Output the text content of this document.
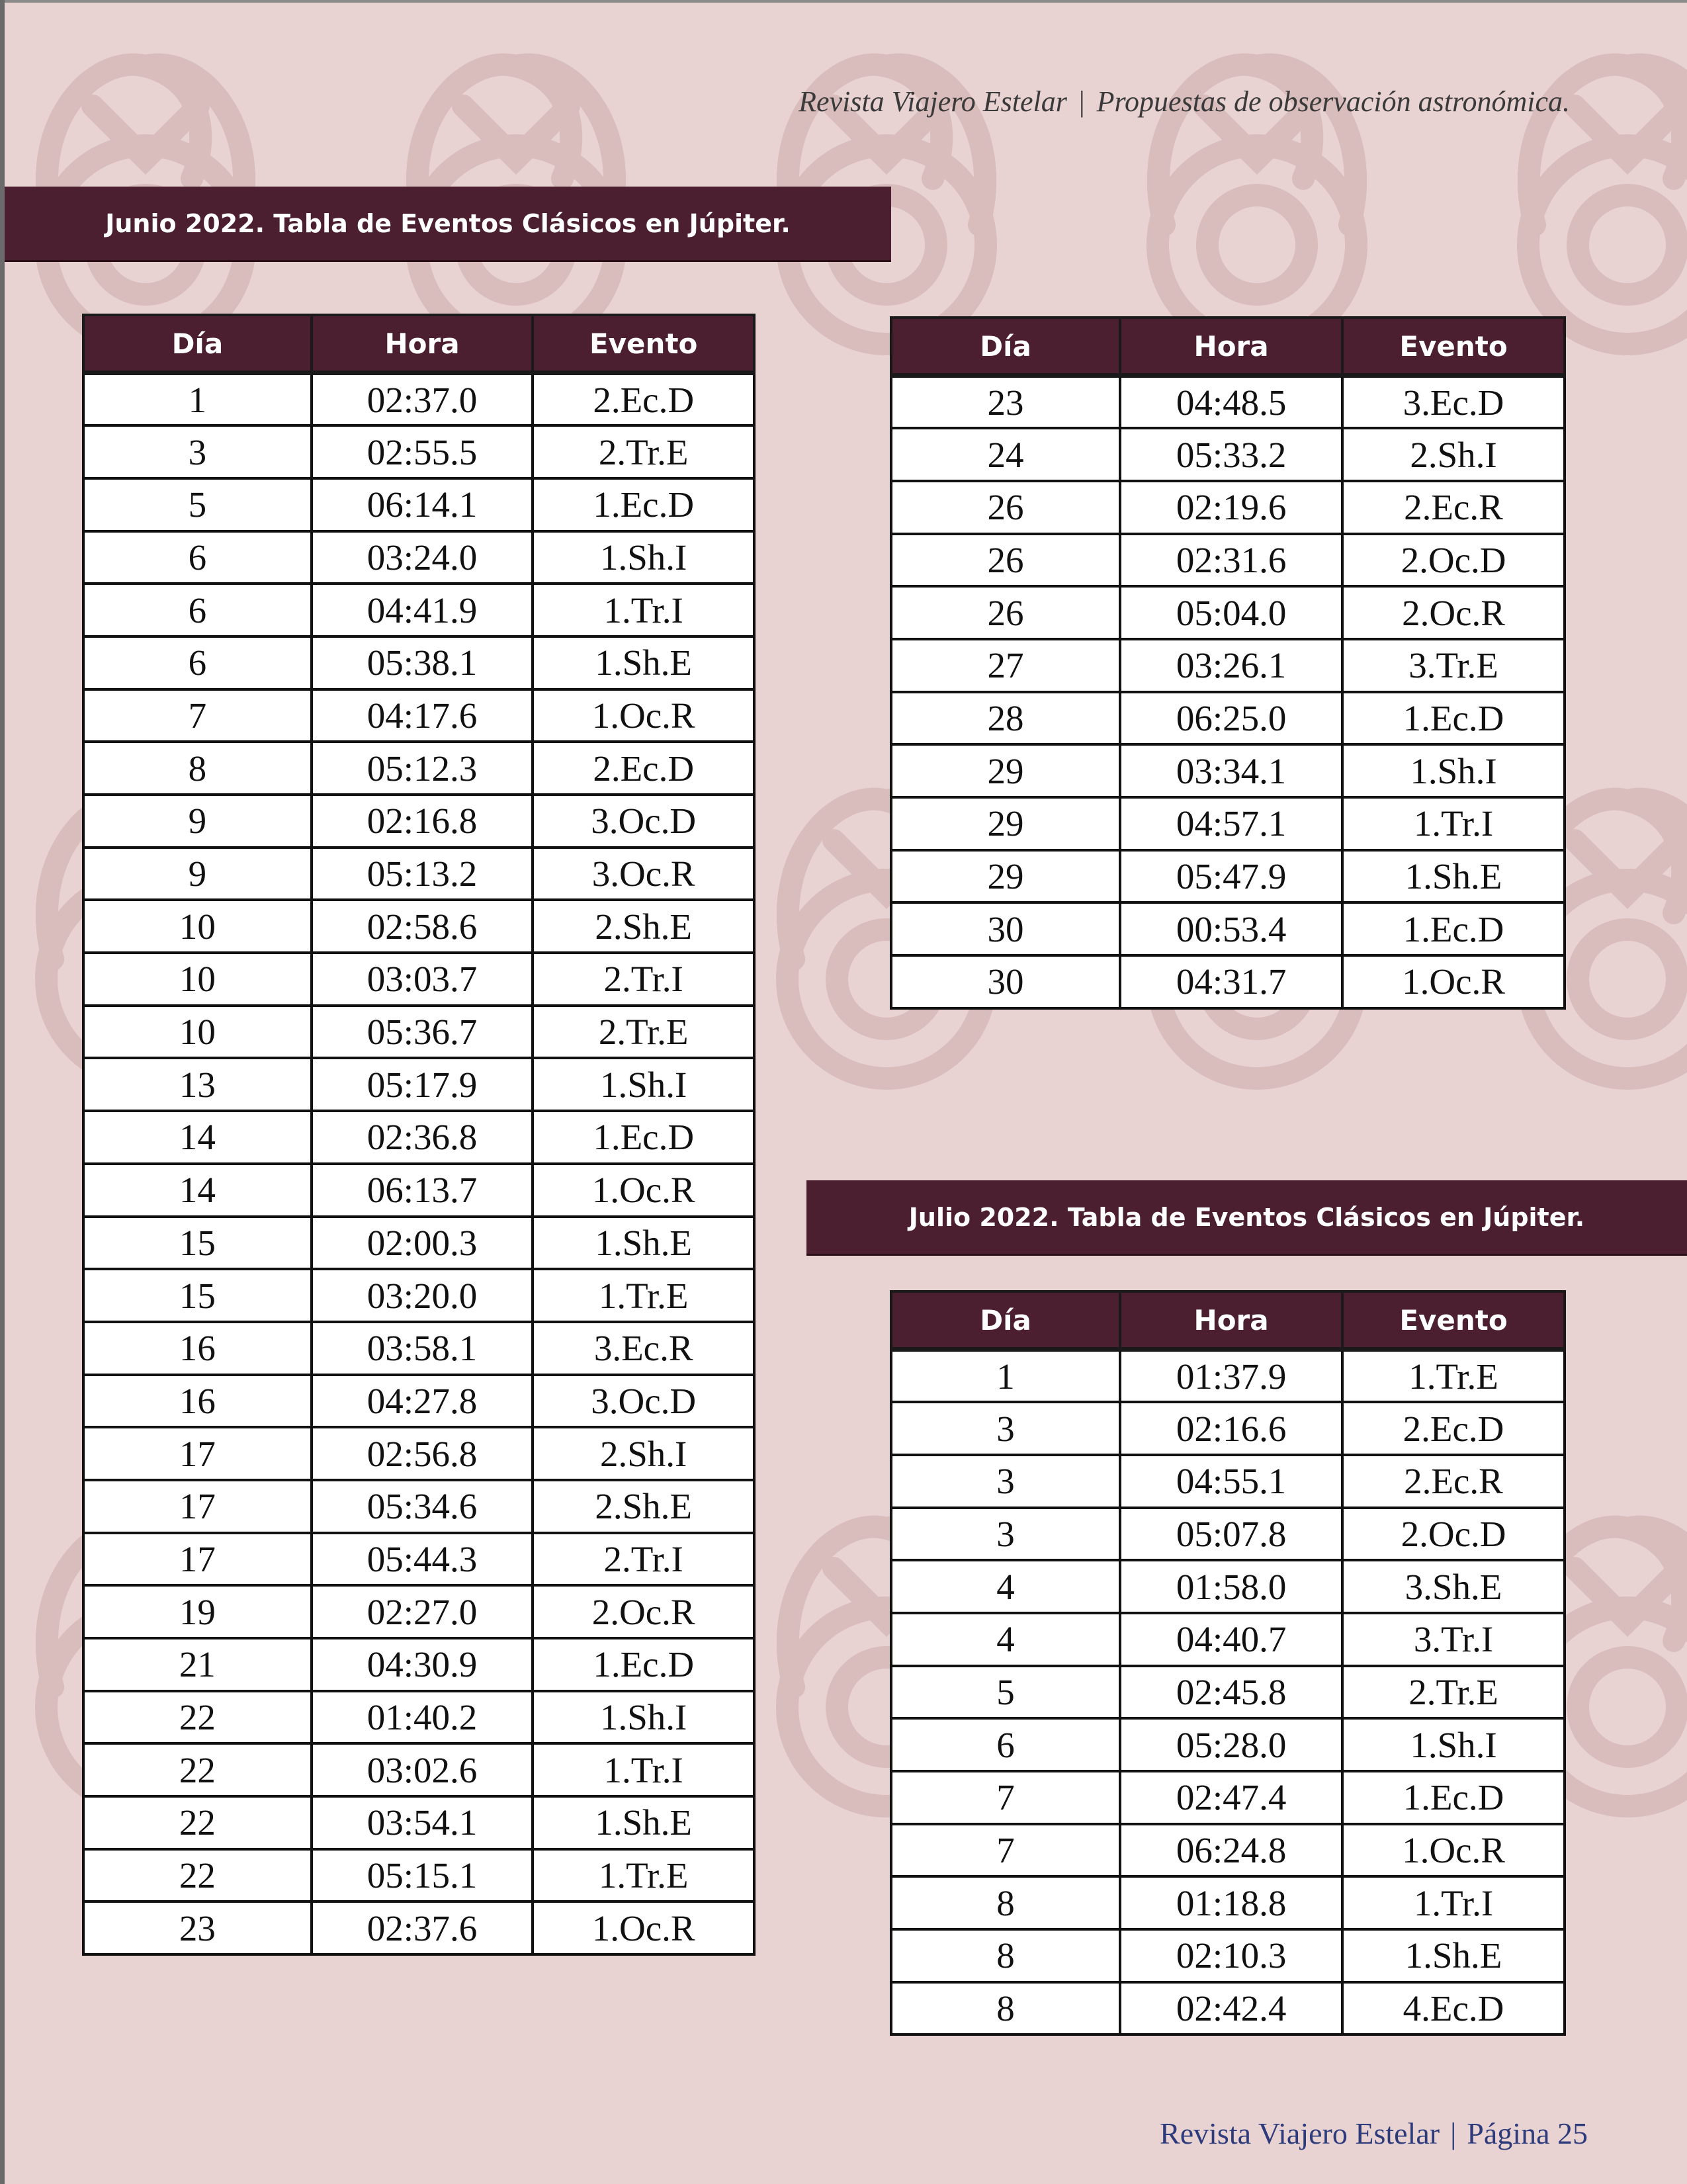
Revista Viajero Estelar | Propuestas de observación astronómica.
Junio 2022. Tabla de Eventos Clásicos en Júpiter.
Día	Hora	Evento
1	02:37.0	2.Ec.D
3	02:55.5	2.Tr.E
5	06:14.1	1.Ec.D
6	03:24.0	1.Sh.I
6	04:41.9	1.Tr.I
6	05:38.1	1.Sh.E
7	04:17.6	1.Oc.R
8	05:12.3	2.Ec.D
9	02:16.8	3.Oc.D
9	05:13.2	3.Oc.R
10	02:58.6	2.Sh.E
10	03:03.7	2.Tr.I
10	05:36.7	2.Tr.E
13	05:17.9	1.Sh.I
14	02:36.8	1.Ec.D
14	06:13.7	1.Oc.R
15	02:00.3	1.Sh.E
15	03:20.0	1.Tr.E
16	03:58.1	3.Ec.R
16	04:27.8	3.Oc.D
17	02:56.8	2.Sh.I
17	05:34.6	2.Sh.E
17	05:44.3	2.Tr.I
19	02:27.0	2.Oc.R
21	04:30.9	1.Ec.D
22	01:40.2	1.Sh.I
22	03:02.6	1.Tr.I
22	03:54.1	1.Sh.E
22	05:15.1	1.Tr.E
23	02:37.6	1.Oc.R
Día	Hora	Evento
23	04:48.5	3.Ec.D
24	05:33.2	2.Sh.I
26	02:19.6	2.Ec.R
26	02:31.6	2.Oc.D
26	05:04.0	2.Oc.R
27	03:26.1	3.Tr.E
28	06:25.0	1.Ec.D
29	03:34.1	1.Sh.I
29	04:57.1	1.Tr.I
29	05:47.9	1.Sh.E
30	00:53.4	1.Ec.D
30	04:31.7	1.Oc.R
Julio 2022. Tabla de Eventos Clásicos en Júpiter.
Día	Hora	Evento
1	01:37.9	1.Tr.E
3	02:16.6	2.Ec.D
3	04:55.1	2.Ec.R
3	05:07.8	2.Oc.D
4	01:58.0	3.Sh.E
4	04:40.7	3.Tr.I
5	02:45.8	2.Tr.E
6	05:28.0	1.Sh.I
7	02:47.4	1.Ec.D
7	06:24.8	1.Oc.R
8	01:18.8	1.Tr.I
8	02:10.3	1.Sh.E
8	02:42.4	4.Ec.D
Revista Viajero Estelar | Página 25
